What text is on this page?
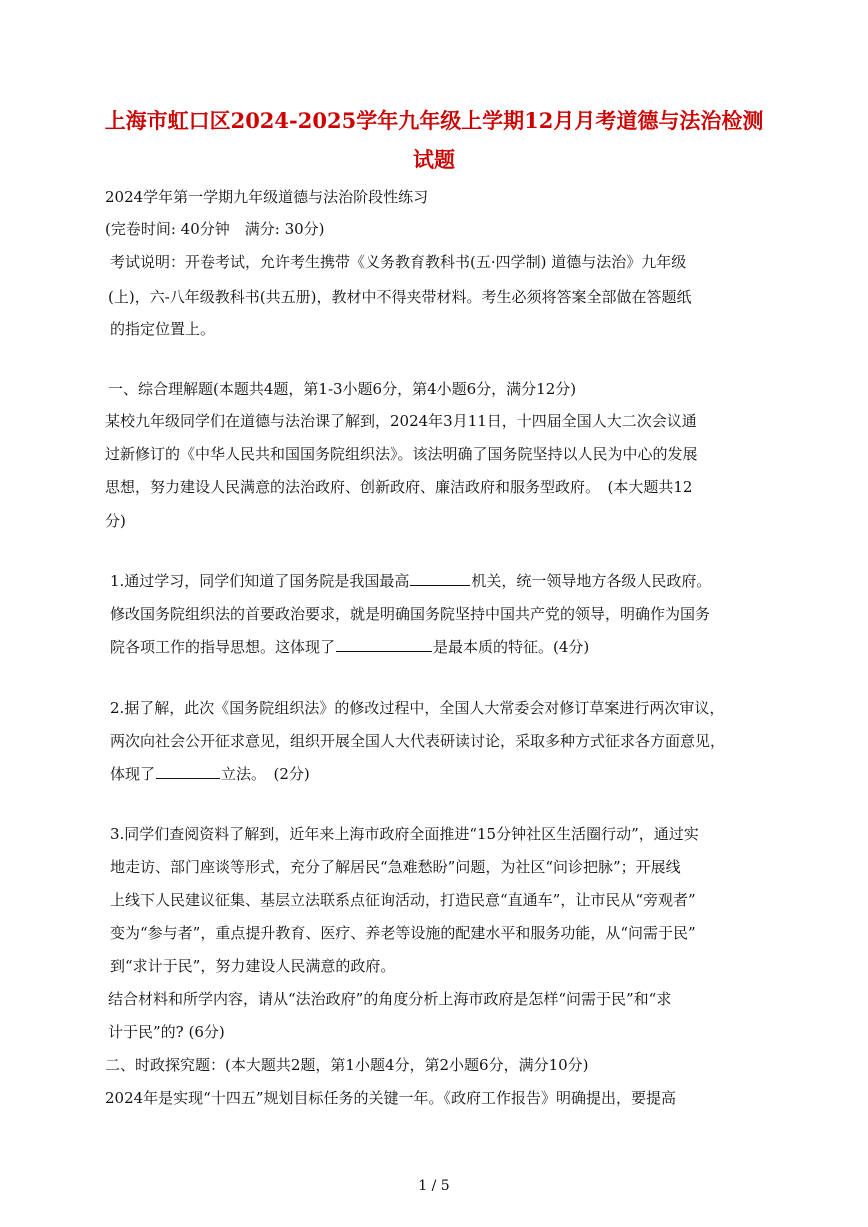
上海市虹口区2024-2025学年九年级上学期12月月考道德与法治检测
试题
2024学年第一学期九年级道德与法治阶段性练习
(完卷时间: 40分钟　满分: 30分)
考试说明：开卷考试，允许考生携带《义务教育教科书(五·四学制) 道德与法治》九年级
(上)，六-八年级教科书(共五册)，教材中不得夹带材料。考生必须将答案全部做在答题纸
的指定位置上。
一、综合理解题(本题共4题，第1-3小题6分，第4小题6分，满分12分)
某校九年级同学们在道德与法治课了解到，2024年3月11日，十四届全国人大二次会议通
过新修订的《中华人民共和国国务院组织法》。该法明确了国务院坚持以人民为中心的发展
思想，努力建设人民满意的法治政府、创新政府、廉洁政府和服务型政府。　(本大题共12
分)
1.通过学习，同学们知道了国务院是我国最高	机关，统一领导地方各级人民政府。
修改国务院组织法的首要政治要求，就是明确国务院坚持中国共产党的领导，明确作为国务
院各项工作的指导思想。这体现了	是最本质的特征。(4分)
2.据了解，此次《国务院组织法》的修改过程中，全国人大常委会对修订草案进行两次审议，
两次向社会公开征求意见，组织开展全国人大代表研读讨论，采取多种方式征求各方面意见，
体现了	立法。　(2分)
3.同学们查阅资料了解到，近年来上海市政府全面推进“15分钟社区生活圈行动”，通过实
地走访、部门座谈等形式，充分了解居民“急难愁盼”问题，为社区“问诊把脉”；开展线
上线下人民建议征集、基层立法联系点征询活动，打造民意“直通车”，让市民从“旁观者”
变为“参与者”，重点提升教育、医疗、养老等设施的配建水平和服务功能，从“问需于民”
到“求计于民”，努力建设人民满意的政府。
结合材料和所学内容，请从“法治政府”的角度分析上海市政府是怎样“问需于民”和“求
计于民”的? (6分)
二、时政探究题：(本大题共2题，第1小题4分，第2小题6分，满分10分)
2024年是实现“十四五”规划目标任务的关键一年。《政府工作报告》明确提出，要提高
1 / 5
